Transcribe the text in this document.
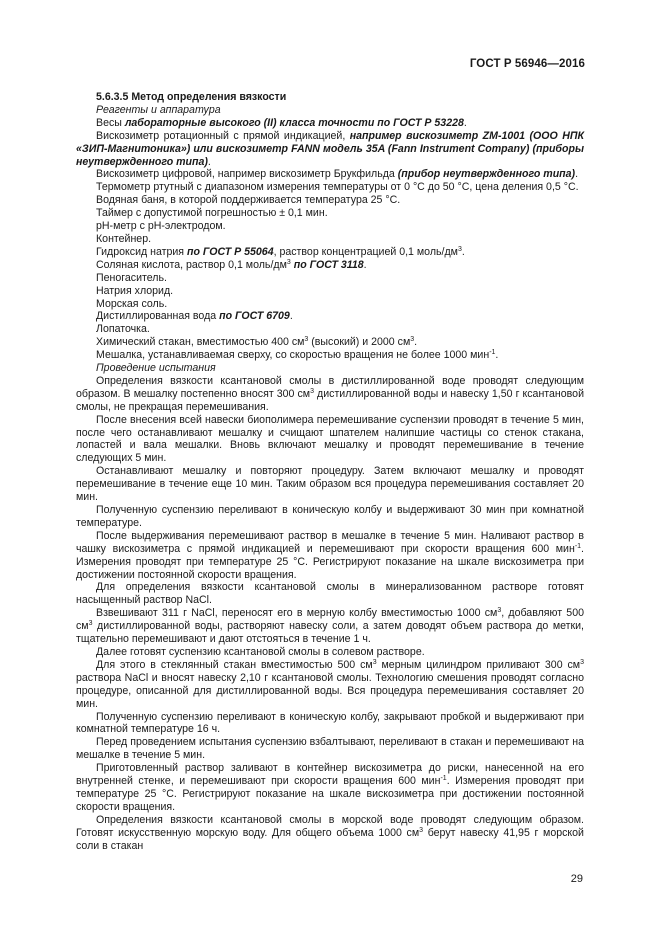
ГОСТ Р 56946—2016

5.6.3.5 Метод определения вязкости

Реагенты и аппаратура

Весы лабораторные высокого (II) класса точности по ГОСТ Р 53228.

Вискозиметр ротационный с прямой индикацией, например вискозиметр ZM-1001 (ООО НПК «ЗИП-Магнитоника») или вискозиметр FANN модель 35A (Fann Instrument Company) (приборы неутвержденного типа).

Вискозиметр цифровой, например вискозиметр Брукфильда (прибор неутвержденного типа).

Термометр ртутный с диапазоном измерения температуры от 0 °С до 50 °С, цена деления 0,5 °С.

Водяная баня, в которой поддерживается температура 25 °С.

Таймер с допустимой погрешностью ± 0,1 мин.

pH-метр с pH-электродом.

Контейнер.

Гидроксид натрия по ГОСТ Р 55064, раствор концентрацией 0,1 моль/$дм^3$.

Соляная кислота, раствор 0,1 моль/$дм^3$ по ГОСТ 3118.

Пеногаситель.

Натрия хлорид.

Морская соль.

Дистиллированная вода по ГОСТ 6709.

Лопаточка.

Химический стакан, вместимостью 400 $см^3$ (высокий) и 2000 $см^3$.

Мешалка, устанавливаемая сверху, со скоростью вращения не более 1000 мин$^{-1}$.

Проведение испытания

Определения вязкости ксантановой смолы в дистиллированной воде проводят следующим образом. В мешалку постепенно вносят 300 $см^3$ дистиллированной воды и навеску 1,50 г ксантановой смолы, не прекращая перемешивания.

После внесения всей навески биополимера перемешивание суспензии проводят в течение 5 мин, после чего останавливают мешалку и счищают шпателем налипшие частицы со стенок стакана, лопастей и вала мешалки. Вновь включают мешалку и проводят перемешивание в течение следующих 5 мин.

Останавливают мешалку и повторяют процедуру. Затем включают мешалку и проводят перемешивание в течение еще 10 мин. Таким образом вся процедура перемешивания составляет 20 мин.

Полученную суспензию переливают в коническую колбу и выдерживают 30 мин при комнатной температуре.

После выдерживания перемешивают раствор в мешалке в течение 5 мин. Наливают раствор в чашку вискозиметра с прямой индикацией и перемешивают при скорости вращения 600 мин$^{-1}$. Измерения проводят при температуре 25 °С. Регистрируют показание на шкале вискозиметра при достижении постоянной скорости вращения.

Для определения вязкости ксантановой смолы в минерализованном растворе готовят насыщенный раствор NaCl.

Взвешивают 311 г NaCl, переносят его в мерную колбу вместимостью 1000 $см^3$, добавляют 500 $см^3$ дистиллированной воды, растворяют навеску соли, а затем доводят объем раствора до метки, тщательно перемешивают и дают отстояться в течение 1 ч.

Далее готовят суспензию ксантановой смолы в солевом растворе.

Для этого в стеклянный стакан вместимостью 500 $см^3$ мерным цилиндром приливают 300 $см^3$ раствора NaCl и вносят навеску 2,10 г ксантановой смолы. Технологию смешения проводят согласно процедуре, описанной для дистиллированной воды. Вся процедура перемешивания составляет 20 мин.

Полученную суспензию переливают в коническую колбу, закрывают пробкой и выдерживают при комнатной температуре 16 ч.

Перед проведением испытания суспензию взбалтывают, переливают в стакан и перемешивают на мешалке в течение 5 мин.

Приготовленный раствор заливают в контейнер вискозиметра до риски, нанесенной на его внутренней стенке, и перемешивают при скорости вращения 600 мин$^{-1}$. Измерения проводят при температуре 25 °С. Регистрируют показание на шкале вискозиметра при достижении постоянной скорости вращения.

Определения вязкости ксантановой смолы в морской воде проводят следующим образом. Готовят искусственную морскую воду. Для общего объема 1000 $см^3$ берут навеску 41,95 г морской соли в стакан

29
